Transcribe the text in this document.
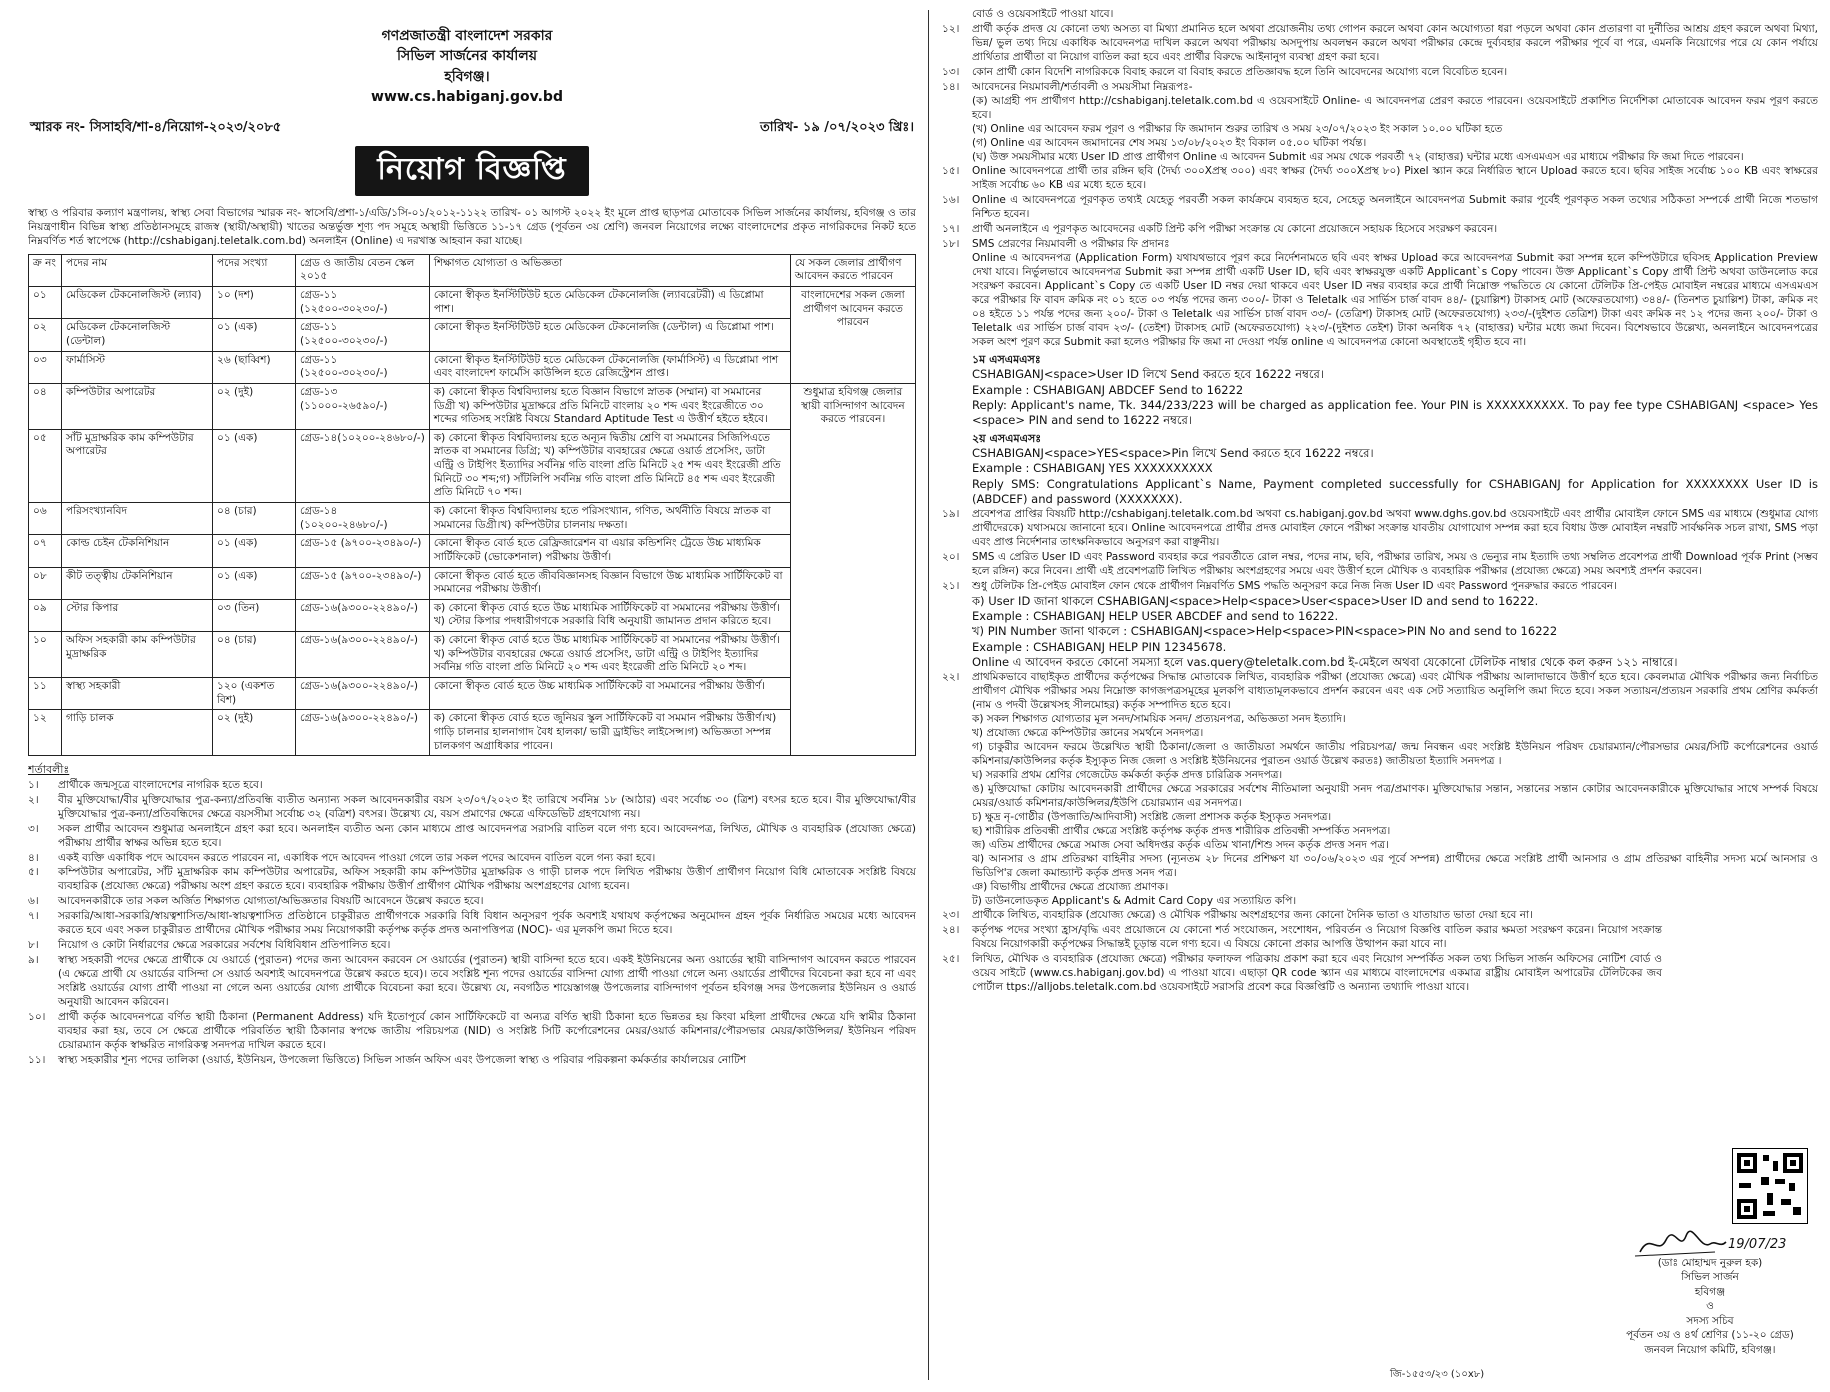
গণপ্রজাতন্ত্রী বাংলাদেশ সরকার
সিভিল সার্জনের কার্যালয়
হবিগঞ্জ।
www.cs.habiganj.gov.bd
স্মারক নং- সিসাহবি/শা-৪/নিয়োগ-২০২৩/২০৮৫	তারিখ- ১৯ /০৭/২০২৩ খ্রিঃ।
নিয়োগ বিজ্ঞপ্তি
স্বাস্থ্য ও পরিবার কল্যাণ মন্ত্রণালয়, স্বাস্থ্য সেবা বিভাগের স্মারক নং- স্বাসেবি/প্রশা-১/এডি/১সি-০১/২০১২-১১২২ তারিখ- ০১ আগস্ট ২০২২ ইং মূলে প্রাপ্ত ছাড়পত্র মোতাবেক সিভিল সার্জনের কার্যালয়, হবিগঞ্জ ও তার নিয়ন্ত্রণাধীন বিভিন্ন স্বাস্থ্য প্রতিষ্ঠানসমূহে রাজস্ব (স্থায়ী/অস্থায়ী) খাতের অন্তর্ভুক্ত শূণ্য পদ সমূহে অস্থায়ী ভিত্তিতে ১১-১৭ গ্রেড (পূর্বতন ৩য় শ্রেণি) জনবল নিয়োগের লক্ষ্যে বাংলাদেশের প্রকৃত নাগরিকদের নিকট হতে নিম্নবর্ণিত শর্ত স্বাপেক্ষে (http://cshabiganj.teletalk.com.bd) অনলাইন (Online) এ দরখাস্ত আহবান করা যাচ্ছে।
ক্র নং	পদের নাম	পদের সংখ্যা	গ্রেড ও জাতীয় বেতন স্কেল ২০১৫	শিক্ষাগত যোগ্যতা ও অভিজ্ঞতা	যে সকল জেলার প্রার্থীগণ আবেদন করতে পারবেন
০১	মেডিকেল টেকনোলজিস্ট (ল্যাব)	১০ (দশ)	গ্রেড-১১ (১২৫০০-৩০২৩০/-)	কোনো স্বীকৃত ইনস্টিটিউট হতে মেডিকেল টেকনোলজি (ল্যাবরেটরী) এ ডিপ্লোমা পাশ।	বাংলাদেশের সকল জেলা প্রার্থীগণ আবেদন করতে পারবেন
০২	মেডিকেল টেকনোলজিস্ট (ডেন্টাল)	০১ (এক)	গ্রেড-১১ (১২৫০০-৩০২৩০/-)	কোনো স্বীকৃত ইনস্টিটিউট হতে মেডিকেল টেকনোলজি (ডেন্টাল) এ ডিপ্লোমা পাশ।	
০৩	ফার্মাসিস্ট	২৬ (ছাব্বিশ)	গ্রেড-১১ (১২৫০০-৩০২৩০/-)	কোনো স্বীকৃত ইনস্টিটিউট হতে মেডিকেল টেকনোলজি (ফার্মাসিস্ট) এ ডিপ্লোমা পাশ এবং বাংলাদেশ ফার্মেসি কাউন্সিল হতে রেজিস্ট্রেশন প্রাপ্ত।	
০৪	কম্পিউটার অপারেটর	০২ (দুই)	গ্রেড-১৩ (১১০০০-২৬৫৯০/-)	ক) কোনো স্বীকৃত বিশ্ববিদ্যালয় হতে বিজ্ঞান বিভাগে স্নাতক (সম্মান) বা সমমানের ডিগ্রী খ) কম্পিউটার মুদ্রাক্ষরে প্রতি মিনিটে বাংলায় ২০ শব্দ এবং ইংরেজীতে ৩০ শব্দের গতিসহ সংশ্লিষ্ট বিষয়ে Standard Aptitude Test এ উত্তীর্ণ হইতে হইবে।	শুধুমাত্র হবিগঞ্জ জেলার স্থায়ী বাসিন্দাগণ আবেদন করতে পারবেন।
০৫	সাঁট মুদ্রাক্ষরিক কাম কম্পিউটার অপারেটর	০১ (এক)	গ্রেড-১৪(১০২০০-২৪৬৮০/-)	ক) কোনো স্বীকৃত বিশ্ববিদ্যালয় হতে অন্যূন দ্বিতীয় শ্রেণি বা সমমানের সিজিপিএতে স্নাতক বা সমমানের ডিগ্রি; খ) কম্পিউটার ব্যবহারের ক্ষেত্রে ওয়ার্ড প্রসেসিং, ডাটা এন্ট্রি ও টাইপিং ইত্যাদির সর্বনিম্ন গতি বাংলা প্রতি মিনিটে ২৫ শব্দ এবং ইংরেজী প্রতি মিনিটে ৩০ শব্দ;গ) সাঁটলিপি সর্বনিম্ন গতি বাংলা প্রতি মিনিটে ৪৫ শব্দ এবং ইংরেজী প্রতি মিনিটে ৭০ শব্দ।	
০৬	পরিসংখ্যানবিদ	০৪ (চার)	গ্রেড-১৪ (১০২০০-২৪৬৮০/-)	ক) কোনো স্বীকৃত বিশ্ববিদ্যালয় হতে পরিসংখ্যান, গণিত, অর্থনীতি বিষয়ে স্নাতক বা সমমানের ডিগ্রী।খ) কম্পিউটার চালনায় দক্ষতা।	
০৭	কোল্ড চেইন টেকনিশিয়ান	০১ (এক)	গ্রেড-১৫ (৯৭০০-২৩৪৯০/-)	কোনো স্বীকৃত বোর্ড হতে রেফ্রিজারেশন বা এয়ার কন্ডিশনিং ট্রেডে উচ্চ মাধ্যমিক সার্টিফিকেট (ভোকেশনাল) পরীক্ষায় উত্তীর্ণ।	
০৮	কীট তত্ত্বীয় টেকনিশিয়ান	০১ (এক)	গ্রেড-১৫ (৯৭০০-২৩৪৯০/-)	কোনো স্বীকৃত বোর্ড হতে জীববিজ্ঞানসহ বিজ্ঞান বিভাগে উচ্চ মাধ্যমিক সার্টিফিকেট বা সমমানের পরীক্ষায় উত্তীর্ণ।	
০৯	স্টোর কিপার	০৩ (তিন)	গ্রেড-১৬(৯৩০০-২২৪৯০/-)	ক) কোনো স্বীকৃত বোর্ড হতে উচ্চ মাধ্যমিক সার্টিফিকেট বা সমমানের পরীক্ষায় উত্তীর্ণ।খ) স্টোর কিপার পদধারীগণকে সরকারি বিধি অনুযায়ী জামানত প্রদান করিতে হবে।	
১০	অফিস সহকারী কাম কম্পিউটার মুদ্রাক্ষরিক	০৪ (চার)	গ্রেড-১৬(৯৩০০-২২৪৯০/-)	ক) কোনো স্বীকৃত বোর্ড হতে উচ্চ মাধ্যমিক সার্টিফিকেট বা সমমানের পরীক্ষায় উত্তীর্ণ।খ) কম্পিউটার ব্যবহারের ক্ষেত্রে ওয়ার্ড প্রসেসিং, ডাটা এন্ট্রি ও টাইপিং ইত্যাদির সর্বনিম্ন গতি বাংলা প্রতি মিনিটে ২০ শব্দ এবং ইংরেজী প্রতি মিনিটে ২০ শব্দ।	
১১	স্বাস্থ্য সহকারী	১২০ (একশত বিশ)	গ্রেড-১৬(৯৩০০-২২৪৯০/-)	কোনো স্বীকৃত বোর্ড হতে উচ্চ মাধ্যমিক সার্টিফিকেট বা সমমানের পরীক্ষায় উত্তীর্ণ।	
১২	গাড়ি চালক	০২ (দুই)	গ্রেড-১৬(৯৩০০-২২৪৯০/-)	ক) কোনো স্বীকৃত বোর্ড হতে জুনিয়র স্কুল সার্টিফিকেট বা সমমান পরীক্ষায় উত্তীর্ণ।খ) গাড়ি চালনার হালনাগাদ বৈধ হালকা/ ভারী ড্রাইভিং লাইসেন্স।গ) অভিজ্ঞতা সম্পন্ন চালকগণ অগ্রাধিকার পাবেন।	
শর্তাবলীঃ
১।	প্রার্থীকে জন্মসূত্রে বাংলাদেশের নাগরিক হতে হবে।
২।	বীর মুক্তিযোদ্ধা/বীর মুক্তিযোদ্ধার পুত্র-কন্যা/প্রতিবন্ধি ব্যতীত অন্যান্য সকল আবেদনকারীর বয়স ২৩/০৭/২০২৩ ইং তারিখে সর্বনিম্ন ১৮ (আঠার) এবং সর্বোচ্চ ৩০ (ত্রিশ) বৎসর হতে হবে। বীর মুক্তিযোদ্ধা/বীর মুক্তিযোদ্ধার পুত্র-কন্যা/প্রতিবন্ধিদের ক্ষেত্রে বয়সসীমা সর্বোচ্চ ৩২ (বত্রিশ) বৎসর। উল্লেখ্য যে, বয়স প্রমাণের ক্ষেত্রে এফিডেভিট গ্রহণযোগ্য নয়।
৩।	সকল প্রার্থীর আবেদন শুধুমাত্র অনলাইনে গ্রহণ করা হবে। অনলাইন ব্যতীত অন্য কোন মাধ্যমে প্রাপ্ত আবেদনপত্র সরাসরি বাতিল বলে গণ্য হবে। আবেদনপত্র, লিখিত, মৌখিক ও ব্যবহারিক (প্রযোজ্য ক্ষেত্রে) পরীক্ষায় প্রার্থীর স্বাক্ষর অভিন্ন হতে হবে।
৪।	একই ব্যক্তি একাধিক পদে আবেদন করতে পারবেন না, একাধিক পদে আবেদন পাওয়া গেলে তার সকল পদের আবেদন বাতিল বলে গন্য করা হবে।
৫।	কম্পিউটার অপারেটর, সাঁট মুদ্রাক্ষরিক কাম কম্পিউটার অপারেটর, অফিস সহকারী কাম কম্পিউটার মুদ্রাক্ষরিক ও গাড়ী চালক পদে লিখিত পরীক্ষায় উত্তীর্ণ প্রার্থীগণ নিয়োগ বিধি মোতাবেক সংশ্লিষ্ট বিষয়ে ব্যবহারিক (প্রযোজ্য ক্ষেত্রে) পরীক্ষায় অংশ গ্রহণ করতে হবে। ব্যবহারিক পরীক্ষায় উত্তীর্ণ প্রার্থীগণ মৌখিক পরীক্ষায় অংশগ্রহণের যোগ্য হবেন।
৬।	আবেদনকারীকে তার সকল অর্জিত শিক্ষাগত যোগ্যতা/অভিজ্ঞতার বিষয়টি আবেদনে উল্লেখ করতে হবে।
৭।	সরকারি/আধা-সরকারি/স্বায়ত্বশাসিত/আধা-স্বায়ত্বশাসিত প্রতিষ্ঠানে চাকুরীরত প্রার্থীগণকে সরকারি বিধি বিধান অনুসরণ পূর্বক অবশ্যই যথাযথ কর্তৃপক্ষের অনুমোদন গ্রহন পূর্বক নির্ধারিত সময়ের মধ্যে আবেদন করতে হবে এবং সকল চাকুরীরত প্রার্থীদের মৌখিক পরীক্ষার সময় নিয়োগকারী কর্তৃপক্ষ কর্তৃক প্রদত্ত অনাপত্তিপত্র (NOC)- এর মূলকপি জমা দিতে হবে।
৮।	নিয়োগ ও কোটা নির্ধারণের ক্ষেত্রে সরকারের সর্বশেষ বিধিবিধান প্রতিপালিত হবে।
৯।	স্বাস্থ্য সহকারী পদের ক্ষেত্রে প্রার্থীকে যে ওয়ার্ডে (পুরাতন) পদের জন্য আবেদন করবেন সে ওয়ার্ডের (পুরাতন) স্থায়ী বাসিন্দা হতে হবে। একই ইউনিয়নের অন্য ওয়ার্ডের স্থায়ী বাসিন্দাগণ আবেদন করতে পারবেন (এ ক্ষেত্রে প্রার্থী যে ওয়ার্ডের বাসিন্দা সে ওয়ার্ড অবশ্যই আবেদনপত্রে উল্লেখ করতে হবে)। তবে সংশ্লিষ্ট শূন্য পদের ওয়ার্ডের বাসিন্দা যোগ্য প্রার্থী পাওয়া গেলে অন্য ওয়ার্ডের প্রার্থীদের বিবেচনা করা হবে না এবং সংশ্লিষ্ট ওয়ার্ডের যোগ্য প্রার্থী পাওয়া না গেলে অন্য ওয়ার্ডের যোগ্য প্রার্থীকে বিবেচনা করা হবে। উল্লেখ্য যে, নবগঠিত শায়েস্তাগঞ্জ উপজেলার বাসিন্দাগণ পূর্বতন হবিগঞ্জ সদর উপজেলার ইউনিয়ন ও ওয়ার্ড অনুযায়ী আবেদন করিবেন।
১০।	প্রার্থী কর্তৃক আবেদনপত্রে বর্ণিত স্থায়ী ঠিকানা (Permanent Address) যদি ইতোপূর্বে কোন সার্টিফিকেটে বা অন্যত্র বর্ণিত স্থায়ী ঠিকানা হতে ভিন্নতর হয় কিংবা মহিলা প্রার্থীদের ক্ষেত্রে যদি স্বামীর ঠিকানা ব্যবহার করা হয়, তবে সে ক্ষেত্রে প্রার্থীকে পরিবর্তিত স্থায়ী ঠিকানার স্বপক্ষে জাতীয় পরিচয়পত্র (NID) ও সংশ্লিষ্ট সিটি কর্পোরেশনের মেয়র/ওয়ার্ড কমিশনার/পৌরসভার মেয়র/কাউন্সিলর/ ইউনিয়ন পরিষদ চেয়ারম্যান কর্তৃক স্বাক্ষরিত নাগরিকত্ব সনদপত্র দাখিল করতে হবে।
১১।	স্বাস্থ্য সহকারীর শূন্য পদের তালিকা (ওয়ার্ড, ইউনিয়ন, উপজেলা ভিত্তিতে) সিভিল সার্জন অফিস এবং উপজেলা স্বাস্থ্য ও পরিবার পরিকল্পনা কর্মকর্তার কার্যালয়ের নোটিশ
বোর্ড ও ওয়েবসাইটে পাওয়া যাবে।
১২।	প্রার্থী কর্তৃক প্রদত্ত যে কোনো তথ্য অসত্য বা মিথ্যা প্রমানিত হলে অথবা প্রয়োজনীয় তথ্য গোপন করলে অথবা কোন অযোগ্যতা ধরা পড়লে অথবা কোন প্রতারণা বা দুর্নীতির আশ্রয় গ্রহণ করলে অথবা মিথ্যা, ভিন্ন/ ভুল তথ্য দিয়ে একাধিক আবেদনপত্র দাখিল করলে অথবা পরীক্ষায় অসদুপায় অবলম্বন করলে অথবা পরীক্ষার কেন্দ্রে দুর্ব্যবহার করলে পরীক্ষার পূর্বে বা পরে, এমনকি নিয়োগের পরে যে কোন পর্যায়ে প্রার্থিতার প্রার্থীতা বা নিয়োগ বাতিল করা হবে এবং প্রার্থীর বিরুদ্ধে আইনানুগ ব্যবস্থা গ্রহণ করা হবে।
১৩।	কোন প্রার্থী কোন বিদেশি নাগরিককে বিবাহ করলে বা বিবাহ করতে প্রতিজ্ঞাবদ্ধ হলে তিনি আবেদনের অযোগ্য বলে বিবেচিত হবেন।
১৪।	আবেদনের নিয়মাবলী/শর্তাবলী ও সময়সীমা নিম্নরূপঃ-
(ক) আগ্রহী পদ প্রার্থীগণ http://cshabiganj.teletalk.com.bd এ ওয়েবসাইটে Online- এ আবেদনপত্র প্রেরণ করতে পারবেন। ওয়েবসাইটে প্রকাশিত নির্দেশিকা মোতাবেক আবেদন ফরম পূরণ করতে হবে।
(খ) Online এর আবেদন ফরম পূরণ ও পরীক্ষার ফি জমাদান শুরুর তারিখ ও সময় ২৩/০৭/২০২৩ ইং সকাল ১০.০০ ঘটিকা হতে
(গ) Online এর আবেদন জমাদানের শেষ সময় ১৩/০৮/২০২৩ ইং বিকাল ০৫.০০ ঘটিকা পর্যন্ত।
(ঘ) উক্ত সময়সীমার মধ্যে User ID প্রাপ্ত প্রার্থীগণ Online এ আবেদন Submit এর সময় থেকে পরবর্তী ৭২ (বাহাত্তর) ঘন্টার মধ্যে এসএমএস এর মাধ্যমে পরীক্ষার ফি জমা দিতে পারবেন।
১৫।	Online আবেদনপত্রে প্রার্থী তার রঙ্গিন ছবি (দৈর্ঘ্য ৩০০Xপ্রস্থ ৩০০) এবং স্বাক্ষর (দৈর্ঘ্য ৩০০Xপ্রস্থ ৮০) Pixel স্ক্যান করে নির্ধারিত স্থানে Upload করতে হবে। ছবির সাইজ সর্বোচ্চ ১০০ KB এবং স্বাক্ষরের সাইজ সর্বোচ্চ ৬০ KB এর মধ্যে হতে হবে।
১৬।	Online এ আবেদনপত্রে পূরণকৃত তথ্যই যেহেতু পরবর্তী সকল কার্যক্রমে ব্যবহৃত হবে, সেহেতু অনলাইনে আবেদনপত্র Submit করার পূর্বেই পূরণকৃত সকল তথ্যের সঠিকতা সম্পর্কে প্রার্থী নিজে শতভাগ নিশ্চিত হবেন।
১৭।	প্রার্থী অনলাইনে এ পূরণকৃত আবেদনের একটি প্রিন্ট কপি পরীক্ষা সংক্রান্ত যে কোনো প্রয়োজনে সহায়ক হিসেবে সংরক্ষণ করবেন।
১৮।	SMS প্রেরণের নিয়মাবলী ও পরীক্ষার ফি প্রদানঃ
Online এ আবেদনপত্র (Application Form) যথাযথভাবে পূরণ করে নির্দেশনামতে ছবি এবং স্বাক্ষর Upload করে আবেদনপত্র Submit করা সম্পন্ন হলে কম্পিউটারে ছবিসহ Application Preview দেখা যাবে। নির্ভুলভাবে আবেদনপত্র Submit করা সম্পন্ন প্রার্থী একটি User ID, ছবি এবং স্বাক্ষরযুক্ত একটি Applicant`s Copy পাবেন। উক্ত Applicant`s Copy প্রার্থী প্রিন্ট অথবা ডাউনলোড করে সংরক্ষণ করবেন। Applicant`s Copy তে একটি User ID নম্বর দেয়া থাকবে এবং User ID নম্বর ব্যবহার করে প্রার্থী নিম্নোক্ত পদ্ধতিতে যে কোনো টেলিটক প্রি-পেইড মোবাইল নম্বরের মাধ্যমে এসএমএস করে পরীক্ষার ফি বাবদ ক্রমিক নং ০১ হতে ০৩ পর্যন্ত পদের জন্য ৩০০/- টাকা ও Teletalk এর সার্ভিস চার্জ বাবদ ৪৪/- (চুয়াল্লিশ) টাকাসহ মোট (অফেরতযোগ্য) ৩৪৪/- (তিনশত চুয়াল্লিশ) টাকা, ক্রমিক নং ০৪ হইতে ১১ পর্যন্ত পদের জন্য ২০০/- টাকা ও Teletalk এর সার্ভিস চার্জ বাবদ ৩৩/- (তেত্রিশ) টাকাসহ মোট (অফেরতযোগ্য) ২৩৩/-(দুইশত তেত্রিশ) টাকা এবং ক্রমিক নং ১২ পদের জন্য ২০০/- টাকা ও Teletalk এর সার্ভিস চার্জ বাবদ ২৩/- (তেইশ) টাকাসহ মোট (অফেরতযোগ্য) ২২৩/-(দুইশত তেইশ) টাকা অনধিক ৭২ (বাহাত্তর) ঘন্টার মধ্যে জমা দিবেন। বিশেষভাবে উল্লেখ্য, অনলাইনে আবেদনপত্রের সকল অংশ পূরণ করে Submit করা হলেও পরীক্ষার ফি জমা না দেওয়া পর্যন্ত online এ আবেদনপত্র কোনো অবস্থাতেই গৃহীত হবে না।
১ম এসএমএসঃ
CSHABIGANJ<space>User ID লিখে Send করতে হবে 16222 নম্বরে।
Example : CSHABIGANJ ABDCEF Send to 16222
Reply: Applicant's name, Tk. 344/233/223 will be charged as application fee. Your PIN is XXXXXXXXXX. To pay fee type CSHABIGANJ <space> Yes <space> PIN and send to 16222 নম্বরে।
২য় এসএমএসঃ
CSHABIGANJ<space>YES<space>Pin লিখে Send করতে হবে 16222 নম্বরে।
Example : CSHABIGANJ YES XXXXXXXXXX
Reply SMS: Congratulations Applicant`s Name, Payment completed successfully for CSHABIGANJ for Application for XXXXXXXX User ID is (ABDCEF) and password (XXXXXXX).
১৯।	প্রবেশপত্র প্রাপ্তির বিষয়টি http://cshabiganj.teletalk.com.bd অথবা cs.habiganj.gov.bd অথবা www.dghs.gov.bd ওয়েবসাইটে এবং প্রার্থীর মোবাইল ফোনে SMS এর মাধ্যমে (শুধুমাত্র যোগ্য প্রার্থীদেরকে) যথাসময়ে জানানো হবে। Online আবেদনপত্রে প্রার্থীর প্রদত্ত মোবাইল ফোনে পরীক্ষা সংক্রান্ত যাবতীয় যোগাযোগ সম্পন্ন করা হবে বিধায় উক্ত মোবাইল নম্বরটি সার্বক্ষনিক সচল রাখা, SMS পড়া এবং প্রাপ্ত নির্দেশনার তাৎক্ষনিকভাবে অনুসরণ করা বাঞ্ছনীয়।
২০।	SMS এ প্রেরিত User ID এবং Password ব্যবহার করে পরবর্তীতে রোল নম্বর, পদের নাম, ছবি, পরীক্ষার তারিখ, সময় ও ভেন্যুর নাম ইত্যাদি তথ্য সম্বলিত প্রবেশপত্র প্রার্থী Download পূর্বক Print (সম্ভব হলে রঙ্গিন) করে নিবেন। প্রার্থী এই প্রবেশপত্রটি লিখিত পরীক্ষায় অংশগ্রহণের সময়ে এবং উত্তীর্ণ হলে মৌখিক ও ব্যবহারিক পরীক্ষার (প্রযোজ্য ক্ষেত্রে) সময় অবশ্যই প্রদর্শন করবেন।
২১।	শুধু টেলিটক প্রি-পেইড মোবাইল ফোন থেকে প্রার্থীগণ নিম্নবর্ণিত SMS পদ্ধতি অনুসরণ করে নিজ নিজ User ID এবং Password পুনরুদ্ধার করতে পারবেন।
ক) User ID জানা থাকলে CSHABIGANJ<space>Help<space>User<space>User ID and send to 16222.
Example : CSHABIGANJ HELP USER ABCDEF and send to 16222.
খ) PIN Number জানা থাকলে : CSHABIGANJ<space>Help<space>PIN<space>PIN No and send to 16222
Example : CSHABIGANJ HELP PIN 12345678.
Online এ আবেদন করতে কোনো সমস্যা হলে vas.query@teletalk.com.bd ই-মেইলে অথবা যেকোনো টেলিটক নাম্বার থেকে কল করুন ১২১ নাম্বারে।
২২।	প্রাথমিকভাবে বাছাইকৃত প্রার্থীদের কর্তৃপক্ষের সিদ্ধান্ত মোতাবেক লিখিত, ব্যবহারিক পরীক্ষা (প্রযোজ্য ক্ষেত্রে) এবং মৌখিক পরীক্ষায় আলাদাভাবে উত্তীর্ণ হতে হবে। কেবলমাত্র মৌখিক পরীক্ষার জন্য নির্বাচিত প্রার্থীগণ মৌখিক পরীক্ষার সময় নিম্নোক্ত কাগজপত্রসমূহের মূলকপি বাধ্যতামূলকভাবে প্রদর্শন করবেন এবং এক সেট সত্যায়িত অনুলিপি জমা দিতে হবে। সকল সত্যায়ন/প্রত্যয়ন সরকারি প্রথম শ্রেণির কর্মকর্তা (নাম ও পদবী উল্লেখসহ সীলমোহর) কর্তৃক সম্পাদিত হতে হবে।
ক) সকল শিক্ষাগত যোগ্যতার মূল সনদ/সাময়িক সনদ/ প্রত্যয়নপত্র, অভিজ্ঞতা সনদ ইত্যাদি।
খ) প্রযোজ্য ক্ষেত্রে কম্পিউটার জ্ঞানের সমর্থনে সনদপত্র।
গ) চাকুরীর আবেদন ফরমে উল্লেখিত স্থায়ী ঠিকানা/জেলা ও জাতীয়তা সমর্থনে জাতীয় পরিচয়পত্র/ জন্ম নিবন্ধন এবং সংশ্লিষ্ট ইউনিয়ন পরিষদ চেয়ারম্যান/পৌরসভার মেয়র/সিটি কর্পোরেশনের ওয়ার্ড কমিশনার/কাউন্সিলর কর্তৃক ইস্যুকৃত নিজ জেলা ও সংশ্লিষ্ট ইউনিয়নের পুরাতন ওয়ার্ড উল্লেখ করতঃ) জাতীয়তা ইত্যাদি সনদপত্র ।
ঘ) সরকারি প্রথম শ্রেণির গেজেটেড কর্মকর্তা কর্তৃক প্রদত্ত চারিত্রিক সনদপত্র।
ঙ) মুক্তিযোদ্ধা কোটায় আবেদনকারী প্রার্থীদের ক্ষেত্রে সরকারের সর্বশেষ নীতিমালা অনুযায়ী সনদ পত্র/প্রমাণক। মুক্তিযোদ্ধার সন্তান, সন্তানের সন্তান কোটার আবেদনকারীকে মুক্তিযোদ্ধার সাথে সম্পর্ক বিষয়ে মেয়র/ওয়ার্ড কমিশনার/কাউন্সিলর/ইউপি চেয়ারম্যান এর সনদপত্র।
চ) ক্ষুদ্র নৃ-গোষ্ঠীর (উপজাতি/আদিবাসী) সংশ্লিষ্ট জেলা প্রশাসক কর্তৃক ইস্যুকৃত সনদপত্র।
ছ) শারীরিক প্রতিবন্ধী প্রার্থীর ক্ষেত্রে সংশ্লিষ্ট কর্তৃপক্ষ কর্তৃক প্রদত্ত শারীরিক প্রতিবন্ধী সম্পর্কিত সনদপত্র।
জ) এতিম প্রার্থীদের ক্ষেত্রে সমাজ সেবা অধিদপ্তর কর্তৃক এতিম খানা/শিশু সদন কর্তৃক প্রদত্ত সনদ পত্র।
ঝ) আনসার ও গ্রাম প্রতিরক্ষা বাহিনীর সদস্য (ন্যূনতম ২৮ দিনের প্রশিক্ষণ যা ৩০/০৬/২০২৩ এর পূর্বে সম্পন্ন) প্রার্থীদের ক্ষেত্রে সংশ্লিষ্ট প্রার্থী আনসার ও গ্রাম প্রতিরক্ষা বাহিনীর সদস্য মর্মে আনসার ও ভিডিপি'র জেলা কমান্ড্যান্ট কর্তৃক প্রদত্ত সনদ পত্র।
ঞ) বিভাগীয় প্রার্থীদের ক্ষেত্রে প্রযোজ্য প্রমাণক।
ট) ডাউনলোডকৃত Applicant's & Admit Card Copy এর সত্যায়িত কপি।
২৩।	প্রার্থীকে লিখিত, ব্যবহারিক (প্রযোজ্য ক্ষেত্রে) ও মৌখিক পরীক্ষায় অংশগ্রহণের জন্য কোনো দৈনিক ভাতা ও যাতায়াত ভাতা দেয়া হবে না।
২৪।	কর্তৃপক্ষ পদের সংখ্যা হ্রাস/বৃদ্ধি এবং প্রয়োজনে যে কোনো শর্ত সংযোজন, সংশোধন, পরিবর্তন ও নিয়োগ বিজ্ঞপ্তি বাতিল করার ক্ষমতা সংরক্ষণ করেন। নিয়োগ সংক্রান্ত বিষয়ে নিয়োগকারী কর্তৃপক্ষের সিদ্ধান্তই চূড়ান্ত বলে গণ্য হবে। এ বিষয়ে কোনো প্রকার আপত্তি উত্থাপন করা যাবে না।
২৫।	লিখিত, মৌখিক ও ব্যবহারিক (প্রযোজ্য ক্ষেত্রে) পরীক্ষার ফলাফল পত্রিকায় প্রকাশ করা হবে এবং নিয়োগ সম্পর্কিত সকল তথ্য সিভিল সার্জন অফিসের নোটিশ বোর্ড ও ওয়েব সাইটে (www.cs.habiganj.gov.bd) এ পাওয়া যাবে। এছাড়া QR code স্ক্যান এর মাধ্যমে বাংলাদেশের একমাত্র রাষ্ট্রীয় মোবাইল অপারেটর টেলিটকের জব পোর্টাল ttps://alljobs.teletalk.com.bd ওয়েবসাইটে সরাসরি প্রবেশ করে বিজ্ঞপ্তিটি ও অন্যান্য তথ্যাদি পাওয়া যাবে।
19/07/23
(ডাঃ মোহাম্মদ নুরুল হক)
সিভিল সার্জন
হবিগঞ্জ
ও
সদস্য সচিব
পূর্বতন ৩য় ও ৪র্থ শ্রেণির (১১-২০ গ্রেড)
জনবল নিয়োগ কমিটি, হবিগঞ্জ।
জি-১৫৫৩/২৩ (১০x৮)
